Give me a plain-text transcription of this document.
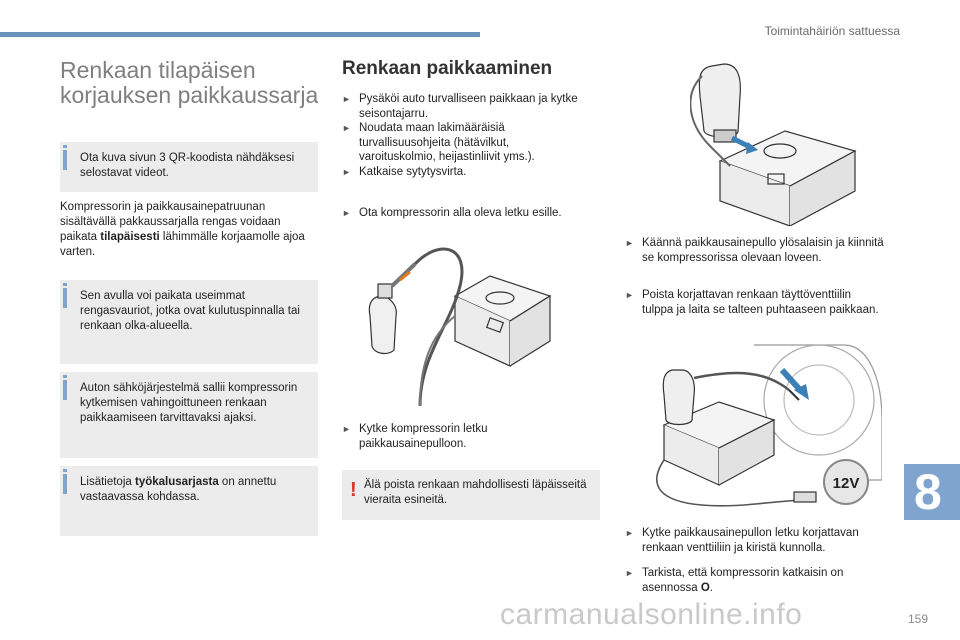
Toimintahäiriön sattuessa
8
Renkaan tilapäisen korjauksen paikkaussarja
Ota kuva sivun 3 QR-koodista nähdäksesi selostavat videot.
Kompressorin ja paikkausainepatruunan sisältävällä pakkaussarjalla rengas voidaan paikata tilapäisesti lähimmälle korjaamolle ajoa varten.
Sen avulla voi paikata useimmat rengasvauriot, jotka ovat kulutuspinnalla tai renkaan olka-alueella.
Auton sähköjärjestelmä sallii kompressorin kytkemisen vahingoittuneen renkaan paikkaamiseen tarvittavaksi ajaksi.
Lisätietoja työkalusarjasta on annettu vastaavassa kohdassa.
Renkaan paikkaaminen
► Pysäköi auto turvalliseen paikkaan ja kytke seisontajarru.
► Noudata maan lakimääräisiä turvallisuusohjeita (hätävilkut, varoituskolmio, heijastinliivit yms.).
► Katkaise sytytysvirta.
► Ota kompressorin alla oleva letku esille.
► Kytke kompressorin letku paikkausainepulloon.
! Älä poista renkaan mahdollisesti läpäisseitä vieraita esineitä.
► Käännä paikkausainepullo ylösalaisin ja kiinnitä se kompressorissa olevaan loveen.
► Poista korjattavan renkaan täyttöventtiilin tulppa ja laita se talteen puhtaaseen paikkaan.
12V
► Kytke paikkausainepullon letku korjattavan renkaan venttiiliin ja kiristä kunnolla.
► Tarkista, että kompressorin katkaisin on asennossa O.
carmanualsonline.info	159
